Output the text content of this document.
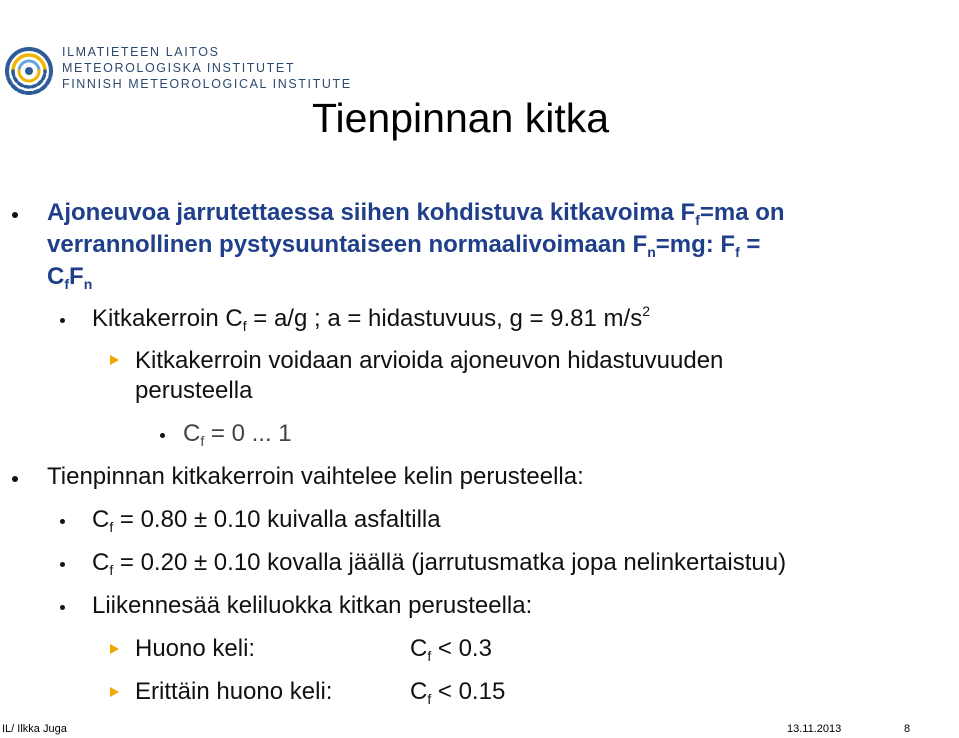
ILMATIETEEN LAITOS
METEOROLOGISKA INSTITUTET
FINNISH METEOROLOGICAL INSTITUTE
Tienpinnan kitka
Ajoneuvoa jarrutettaessa siihen kohdistuva kitkavoima $F_f=ma$ on
verrannollinen pystysuuntaiseen normaalivoimaan $F_n=mg$: $F_f$ =
$C_fF_n$
Kitkakerroin $C_f = a/g$ ; a = hidastuvuus, g = 9.81 $m/s^2$
Kitkakerroin voidaan arvioida ajoneuvon hidastuvuuden
perusteella
$C_f = 0$ ... 1
Tienpinnan kitkakerroin vaihtelee kelin perusteella:
$C_f = 0.80 \pm 0.10$ kuivalla asfaltilla
$C_f = 0.20 \pm 0.10$ kovalla jäällä (jarrutusmatka jopa nelinkertaistuu)
Liikennesää keliluokka kitkan perusteella:
Huono keli:	$C_f < 0.3$
Erittäin huono keli:	$C_f < 0.15$
IL/ Ilkka Juga	13.11.2013	8
